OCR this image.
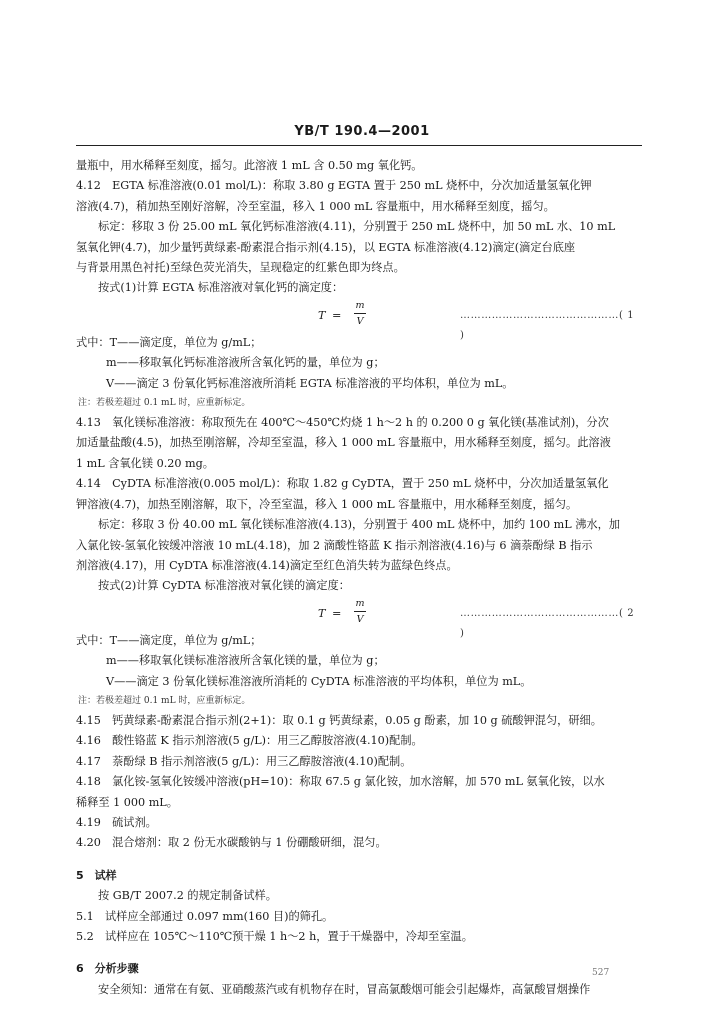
YB/T 190.4—2001

量瓶中，用水稀释至刻度，摇匀。此溶液 1 mL 含 0.50 mg 氧化钙。

4.12　EGTA 标准溶液(0.01 mol/L)：称取 3.80 g EGTA 置于 250 mL 烧杯中，分次加适量氢氧化钾

溶液(4.7)，稍加热至刚好溶解，冷至室温，移入 1 000 mL 容量瓶中，用水稀释至刻度，摇匀。

标定：移取 3 份 25.00 mL 氧化钙标准溶液(4.11)，分别置于 250 mL 烧杯中，加 50 mL 水、10 mL

氢氧化钾(4.7)，加少量钙黄绿素-酚素混合指示剂(4.15)，以 EGTA 标准溶液(4.12)滴定(滴定台底座

与背景用黑色衬托)至绿色荧光消失，呈现稳定的红紫色即为终点。

按式(1)计算 EGTA 标准溶液对氧化钙的滴定度：

T =
m
V
………………………………………( 1 )

式中：T——滴定度，单位为 g/mL；

m——移取氧化钙标准溶液所含氧化钙的量，单位为 g；

V——滴定 3 份氧化钙标准溶液所消耗 EGTA 标准溶液的平均体积，单位为 mL。

注：若极差超过 0.1 mL 时，应重新标定。

4.13　氧化镁标准溶液：称取预先在 400℃～450℃灼烧 1 h～2 h 的 0.200 0 g 氧化镁(基准试剂)，分次

加适量盐酸(4.5)，加热至刚溶解，冷却至室温，移入 1 000 mL 容量瓶中，用水稀释至刻度，摇匀。此溶液

1 mL 含氧化镁 0.20 mg。

4.14　CyDTA 标准溶液(0.005 mol/L)：称取 1.82 g CyDTA，置于 250 mL 烧杯中，分次加适量氢氧化

钾溶液(4.7)，加热至刚溶解，取下，冷至室温，移入 1 000 mL 容量瓶中，用水稀释至刻度，摇匀。

标定：移取 3 份 40.00 mL 氧化镁标准溶液(4.13)，分别置于 400 mL 烧杯中，加约 100 mL 沸水，加

入氯化铵-氢氧化铵缓冲溶液 10 mL(4.18)，加 2 滴酸性铬蓝 K 指示剂溶液(4.16)与 6 滴萘酚绿 B 指示

剂溶液(4.17)，用 CyDTA 标准溶液(4.14)滴定至红色消失转为蓝绿色终点。

按式(2)计算 CyDTA 标准溶液对氧化镁的滴定度：

T =
m
V
………………………………………( 2 )

式中：T——滴定度，单位为 g/mL；

m——移取氧化镁标准溶液所含氧化镁的量，单位为 g；

V——滴定 3 份氧化镁标准溶液所消耗的 CyDTA 标准溶液的平均体积，单位为 mL。

注：若极差超过 0.1 mL 时，应重新标定。

4.15　钙黄绿素-酚素混合指示剂(2+1)：取 0.1 g 钙黄绿素，0.05 g 酚素，加 10 g 硫酸钾混匀，研细。

4.16　酸性铬蓝 K 指示剂溶液(5 g/L)：用三乙醇胺溶液(4.10)配制。

4.17　萘酚绿 B 指示剂溶液(5 g/L)：用三乙醇胺溶液(4.10)配制。

4.18　氯化铵-氢氧化铵缓冲溶液(pH=10)：称取 67.5 g 氯化铵，加水溶解，加 570 mL 氨氧化铵，以水

稀释至 1 000 mL。

4.19　硫试剂。

4.20　混合熔剂：取 2 份无水碳酸钠与 1 份硼酸研细，混匀。

5　试样

按 GB/T 2007.2 的规定制备试样。

5.1　试样应全部通过 0.097 mm(160 目)的筛孔。

5.2　试样应在 105℃～110℃预干燥 1 h～2 h，置于干燥器中，冷却至室温。

6　分析步骤

安全须知：通常在有氨、亚硝酸蒸汽或有机物存在时，冒高氯酸烟可能会引起爆炸，高氯酸冒烟操作

527
